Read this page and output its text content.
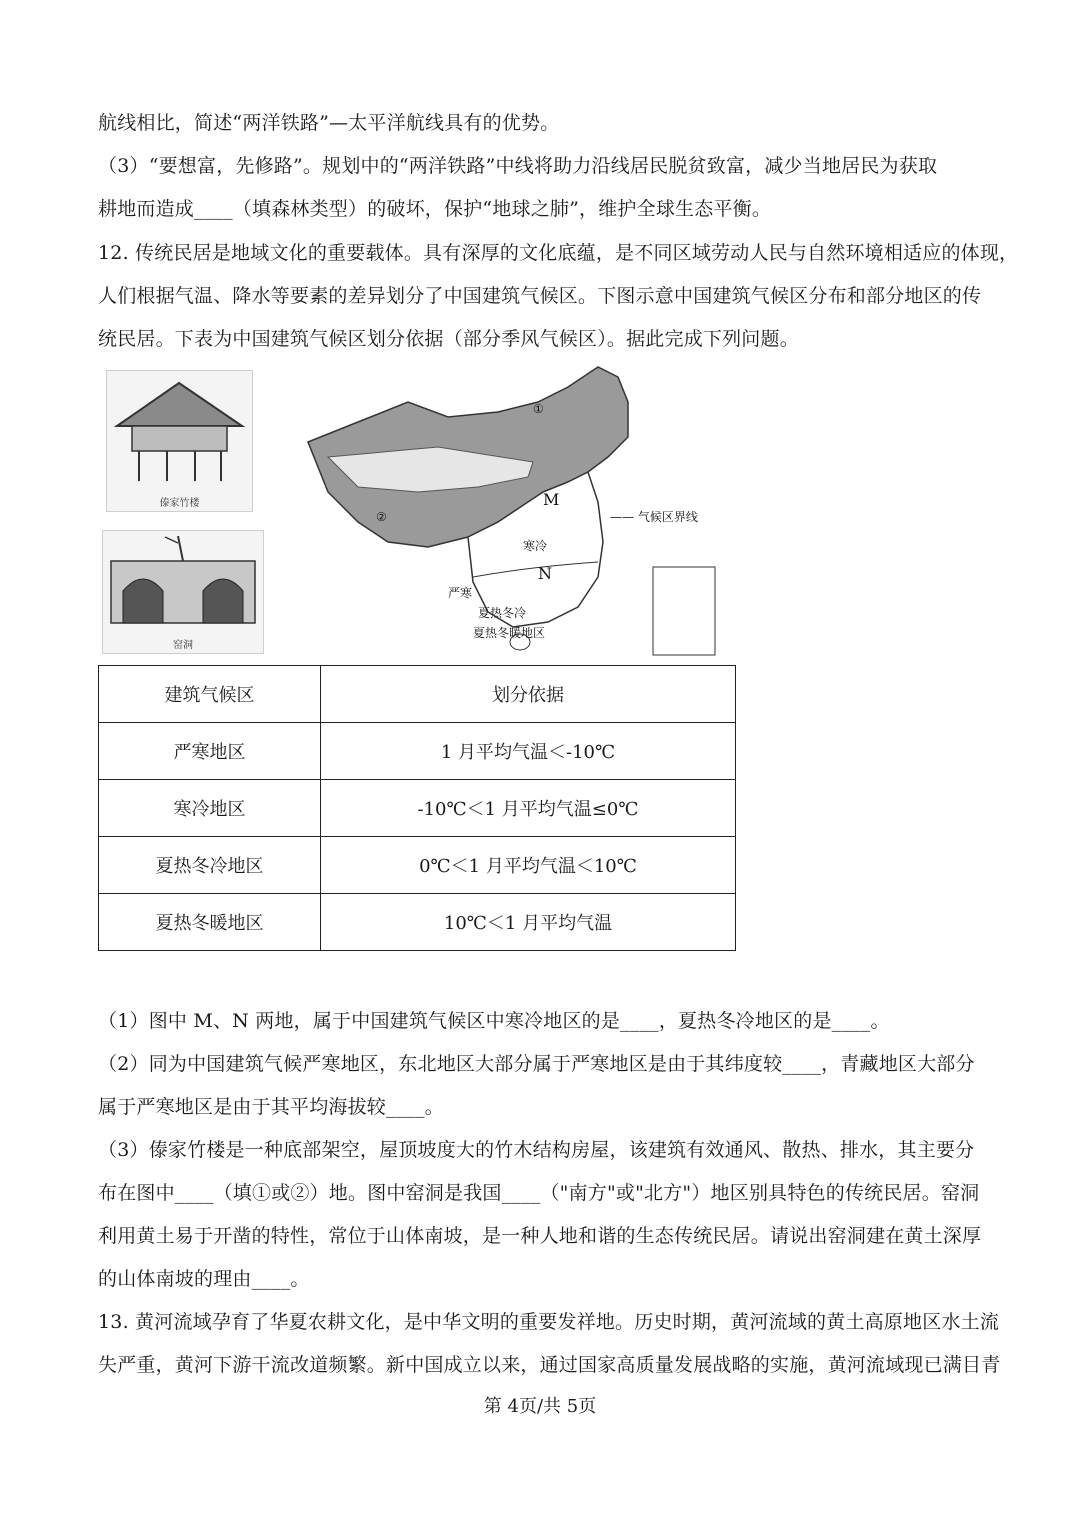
航线相比，简述“两洋铁路”—太平洋航线具有的优势。
（3）“要想富，先修路”。规划中的“两洋铁路”中线将助力沿线居民脱贫致富，减少当地居民为获取
耕地而造成____（填森林类型）的破坏，保护“地球之肺”，维护全球生态平衡。
12. 传统民居是地域文化的重要载体。具有深厚的文化底蕴，是不同区域劳动人民与自然环境相适应的体现，
人们根据气温、降水等要素的差异划分了中国建筑气候区。下图示意中国建筑气候区分布和部分地区的传
统民居。下表为中国建筑气候区划分依据（部分季风气候区）。据此完成下列问题。
傣家竹楼
窑洞
①
②
M
N
寒冷
严寒
夏热冬冷
夏热冬暖地区
—— 气候区界线
建筑气候区	划分依据
严寒地区	1 月平均气温＜-10℃
寒冷地区	-10℃＜1 月平均气温≤0℃
夏热冬冷地区	0℃＜1 月平均气温＜10℃
夏热冬暖地区	10℃＜1 月平均气温
（1）图中 M、N 两地，属于中国建筑气候区中寒冷地区的是____，夏热冬冷地区的是____。
（2）同为中国建筑气候严寒地区，东北地区大部分属于严寒地区是由于其纬度较____，青藏地区大部分
属于严寒地区是由于其平均海拔较____。
（3）傣家竹楼是一种底部架空，屋顶坡度大的竹木结构房屋，该建筑有效通风、散热、排水，其主要分
布在图中____（填①或②）地。图中窑洞是我国____（"南方"或"北方"）地区别具特色的传统民居。窑洞
利用黄土易于开凿的特性，常位于山体南坡，是一种人地和谐的生态传统民居。请说出窑洞建在黄土深厚
的山体南坡的理由____。
13. 黄河流域孕育了华夏农耕文化，是中华文明的重要发祥地。历史时期，黄河流域的黄土高原地区水土流
失严重，黄河下游干流改道频繁。新中国成立以来，通过国家高质量发展战略的实施，黄河流域现已满目青
第 4页/共 5页
